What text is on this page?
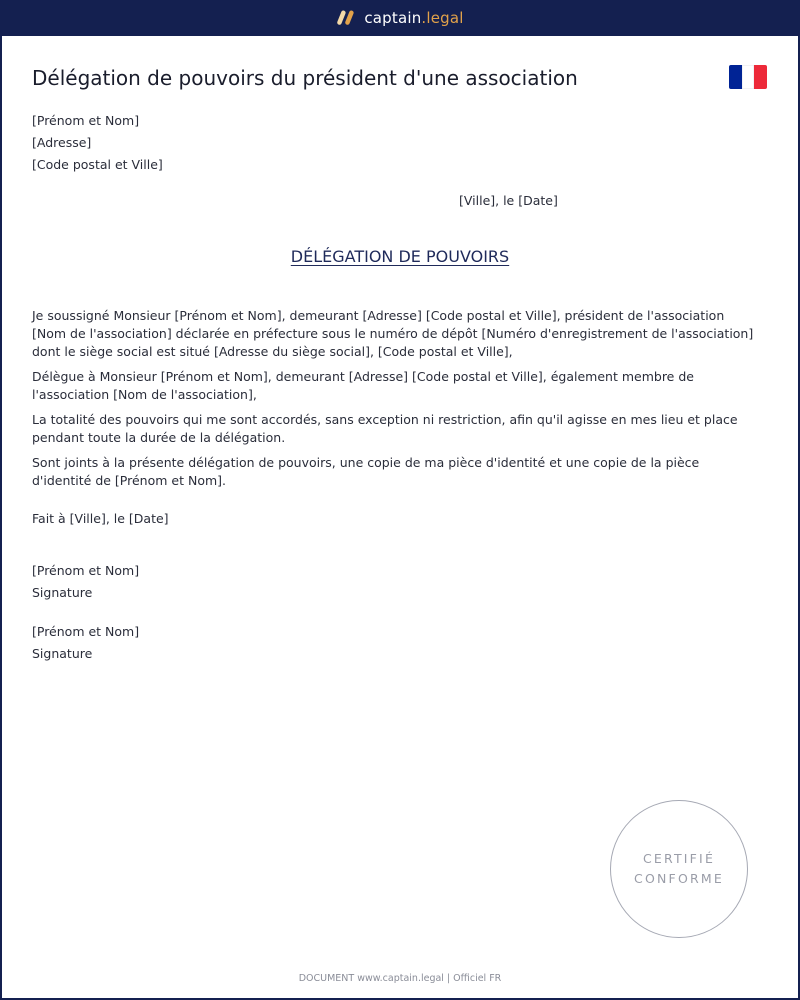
captain.legal
Délégation de pouvoirs du président d'une association
[Prénom et Nom]
[Adresse]
[Code postal et Ville]
[Ville], le [Date]
DÉLÉGATION DE POUVOIRS

Je soussigné Monsieur [Prénom et Nom], demeurant [Adresse] [Code postal et Ville], président de l'association [Nom de l'association] déclarée en préfecture sous le numéro de dépôt [Numéro d'enregistrement de l'association] dont le siège social est situé [Adresse du siège social], [Code postal et Ville],

Délègue à Monsieur [Prénom et Nom], demeurant [Adresse] [Code postal et Ville], également membre de l'association [Nom de l'association],

La totalité des pouvoirs qui me sont accordés, sans exception ni restriction, afin qu'il agisse en mes lieu et place pendant toute la durée de la délégation.

Sont joints à la présente délégation de pouvoirs, une copie de ma pièce d'identité et une copie de la pièce d'identité de [Prénom et Nom].

Fait à [Ville], le [Date]
[Prénom et Nom]
Signature
[Prénom et Nom]
Signature
CERTIFIÉ
CONFORME
DOCUMENT www.captain.legal | Officiel FR
